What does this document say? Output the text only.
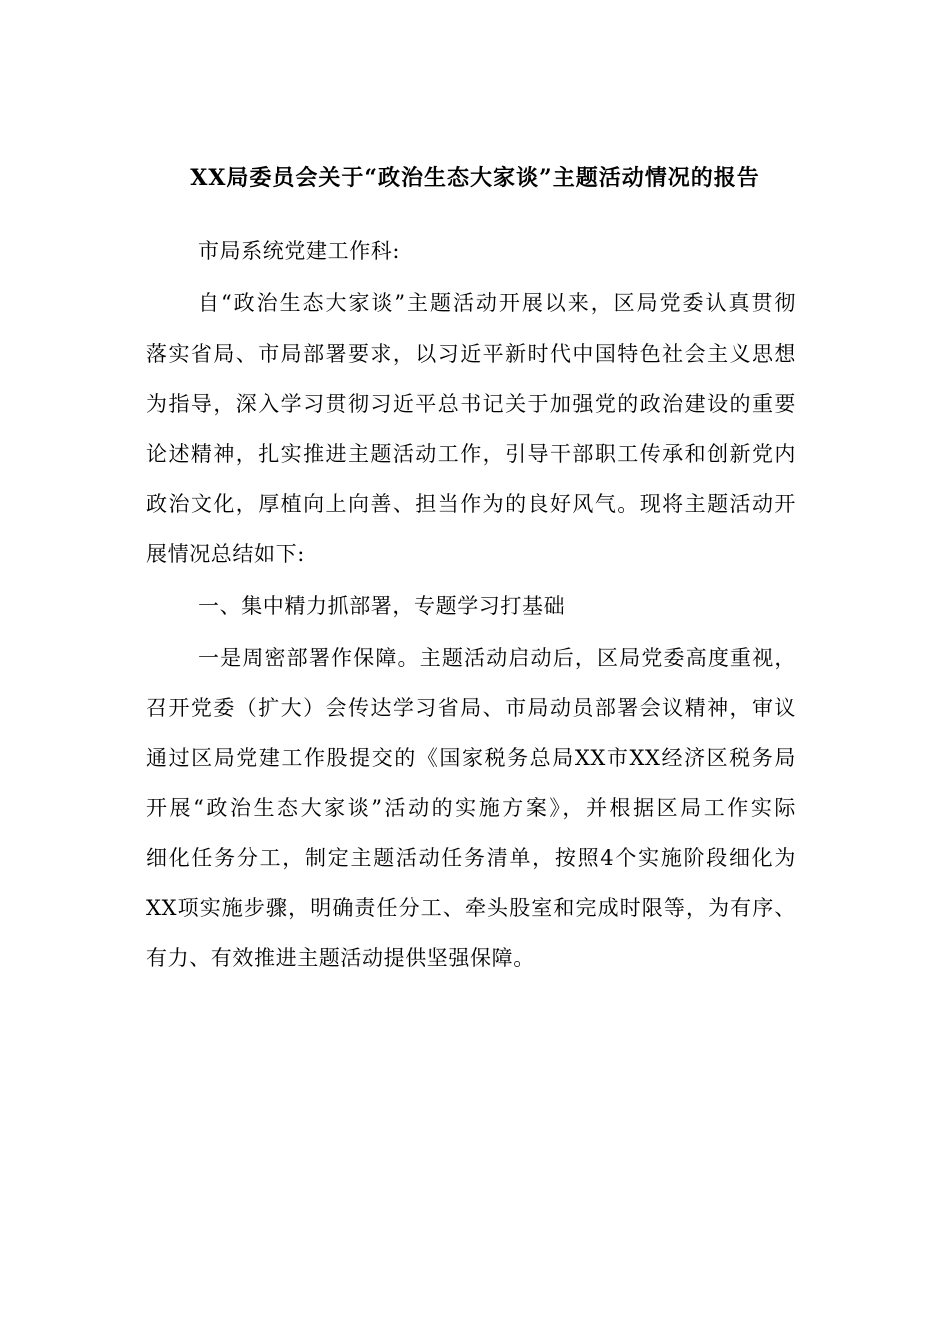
XX局委员会关于“政治生态大家谈”主题活动情况的报告
市局系统党建工作科:
自“政治生态大家谈”主题活动开展以来，区局党委认真贯彻
落实省局、市局部署要求，以习近平新时代中国特色社会主义思想
为指导，深入学习贯彻习近平总书记关于加强党的政治建设的重要
论述精神，扎实推进主题活动工作，引导干部职工传承和创新党内
政治文化，厚植向上向善、担当作为的良好风气。现将主题活动开
展情况总结如下:
一、集中精力抓部署，专题学习打基础
一是周密部署作保障。主题活动启动后，区局党委高度重视，
召开党委（扩大）会传达学习省局、市局动员部署会议精神，审议
通过区局党建工作股提交的《国家税务总局XX市XX经济区税务局
开展“政治生态大家谈”活动的实施方案》，并根据区局工作实际
细化任务分工，制定主题活动任务清单，按照4个实施阶段细化为
XX项实施步骤，明确责任分工、牵头股室和完成时限等，为有序、
有力、有效推进主题活动提供坚强保障。
